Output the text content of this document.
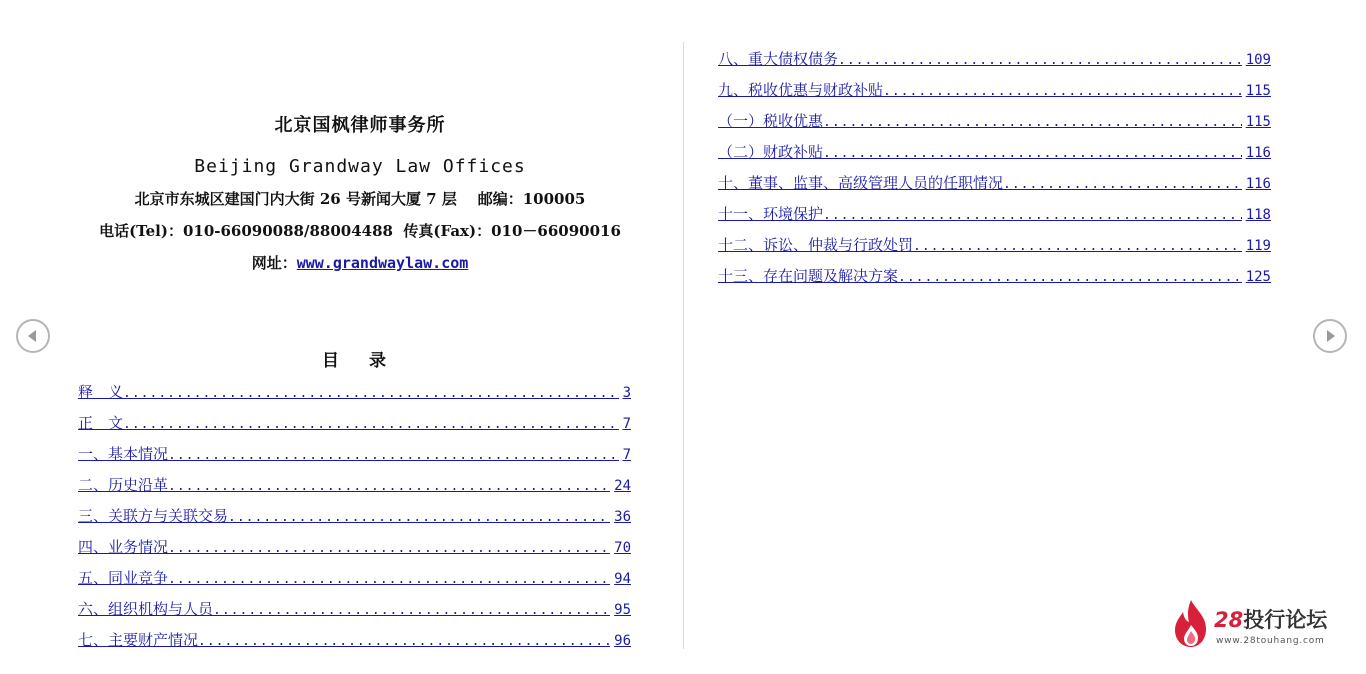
北京国枫律师事务所
Beijing Grandway Law Offices
北京市东城区建国门内大街 26 号新闻大厦 7 层    邮编：100005
电话(Tel)：010-66090088/88004488  传真(Fax)：010－66090016
网址：www.grandwaylaw.com
目 录
释　义 .....	3
正　文 .....	7
一、基本情况 .....	7
二、历史沿革 .....	24
三、关联方与关联交易 .....	36
四、业务情况 .....	70
五、同业竞争 .....	94
六、组织机构与人员 .....	95
七、主要财产情况 .....	96
八、重大债权债务 .....	109
九、税收优惠与财政补贴 .....	115
（一）税收优惠 .....	115
（二）财政补贴 .....	116
十、董事、监事、高级管理人员的任职情况 .....	116
十一、环境保护 .....	118
十二、诉讼、仲裁与行政处罚 .....	119
十三、存在问题及解决方案 .....	125
28投行论坛
www.28touhang.com
